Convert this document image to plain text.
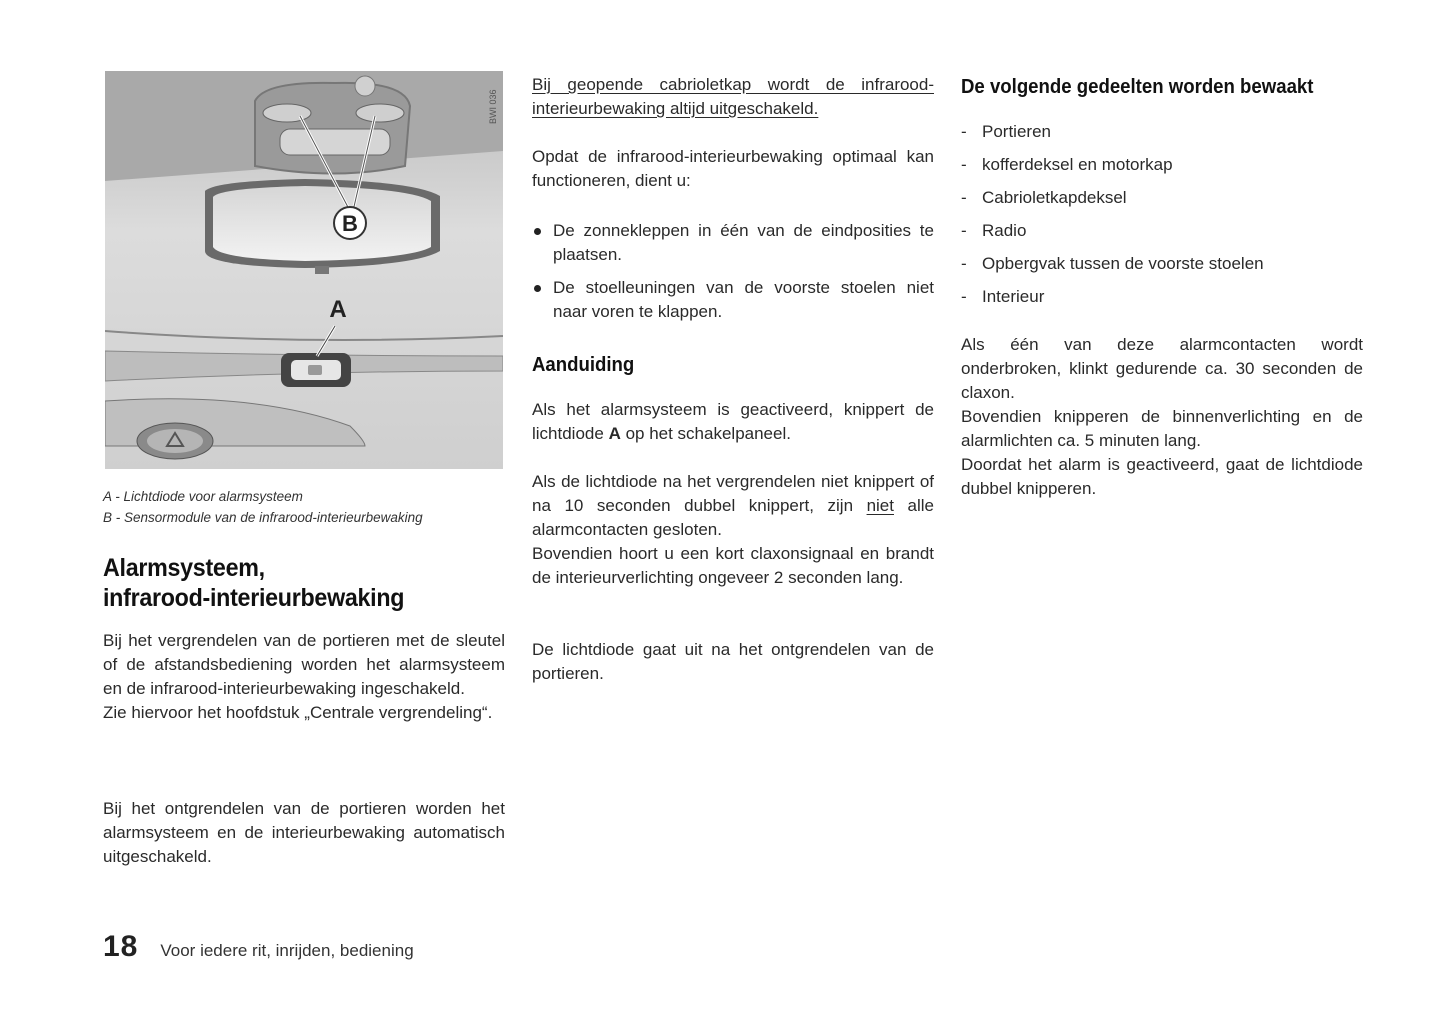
B
A
BWI 036
A - Lichtdiode voor alarmsysteem
B - Sensormodule van de infrarood-interieurbewaking
Alarmsysteem,
infrarood-interieurbewaking

Bij het vergrendelen van de portieren met de sleutel of de afstandsbediening worden het alarmsysteem en de infrarood-interieurbewaking ingeschakeld.

Zie hiervoor het hoofdstuk „Centrale vergrendeling“.

Bij het ontgrendelen van de portieren worden het alarmsysteem en de interieurbewaking automatisch uitgeschakeld.

Bij geopende cabrioletkap wordt de infrarood-interieurbewaking altijd uitgeschakeld.

Opdat de infrarood-interieurbewaking optimaal kan functioneren, dient u:

De zonnekleppen in één van de eindposities te plaatsen.
De stoelleuningen van de voorste stoelen niet naar voren te klappen.
Aanduiding

Als het alarmsysteem is geactiveerd, knippert de lichtdiode A op het schakelpaneel.

Als de lichtdiode na het vergrendelen niet knippert of na 10 seconden dubbel knippert, zijn niet alle alarmcontacten gesloten.

Bovendien hoort u een kort claxonsignaal en brandt de interieurverlichting ongeveer 2 seconden lang.

De lichtdiode gaat uit na het ontgrendelen van de portieren.

De volgende gedeelten worden bewaakt
- Portieren
- kofferdeksel en motorkap
- Cabrioletkapdeksel
- Radio
- Opbergvak tussen de voorste stoelen
- Interieur

Als één van deze alarmcontacten wordt onderbroken, klinkt gedurende ca. 30 seconden de claxon.

Bovendien knipperen de binnenverlichting en de alarmlichten ca. 5 minuten lang.

Doordat het alarm is geactiveerd, gaat de lichtdiode dubbel knipperen.

18 Voor iedere rit, inrijden, bediening
